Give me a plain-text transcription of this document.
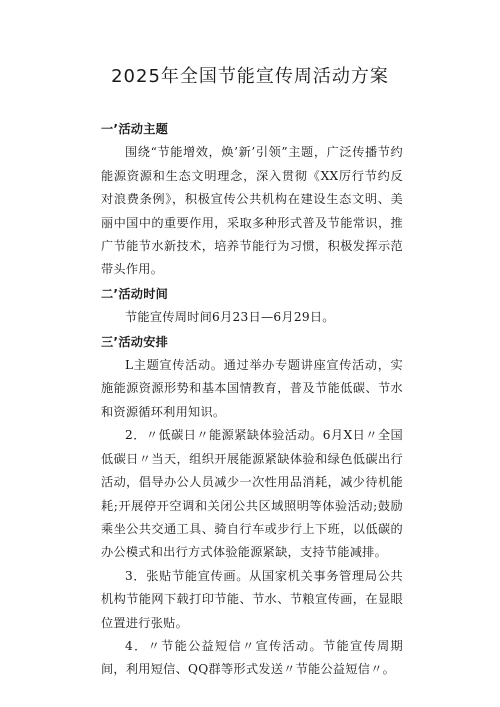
2025年全国节能宣传周活动方案

一’活动主题

围绕“节能增效，焕’新’引领”主题，广泛传播节约能源资源和生态文明理念，深入贯彻《XX厉行节约反对浪费条例》，积极宣传公共机构在建设生态文明、美丽中国中的重要作用，采取多种形式普及节能常识，推广节能节水新技术，培养节能行为习惯，积极发挥示范带头作用。

二’活动时间

节能宣传周时间6月23日—6月29日。

三’活动安排

L主题宣传活动。通过举办专题讲座宣传活动，实施能源资源形势和基本国情教育，普及节能低碳、节水和资源循环利用知识。

2．〃低碳日〃能源紧缺体验活动。6月X日〃全国低碳日〃当天，组织开展能源紧缺体验和绿色低碳出行活动，倡导办公人员减少一次性用品消耗，减少待机能耗;开展停开空调和关闭公共区域照明等体验活动;鼓励乘坐公共交通工具、骑自行车或步行上下班，以低碳的办公模式和出行方式体验能源紧缺，支持节能减排。

3．张贴节能宣传画。从国家机关事务管理局公共机构节能网下载打印节能、节水、节粮宣传画，在显眼位置进行张贴。

4．〃节能公益短信〃宣传活动。节能宣传周期间，利用短信、QQ群等形式发送〃节能公益短信〃。
